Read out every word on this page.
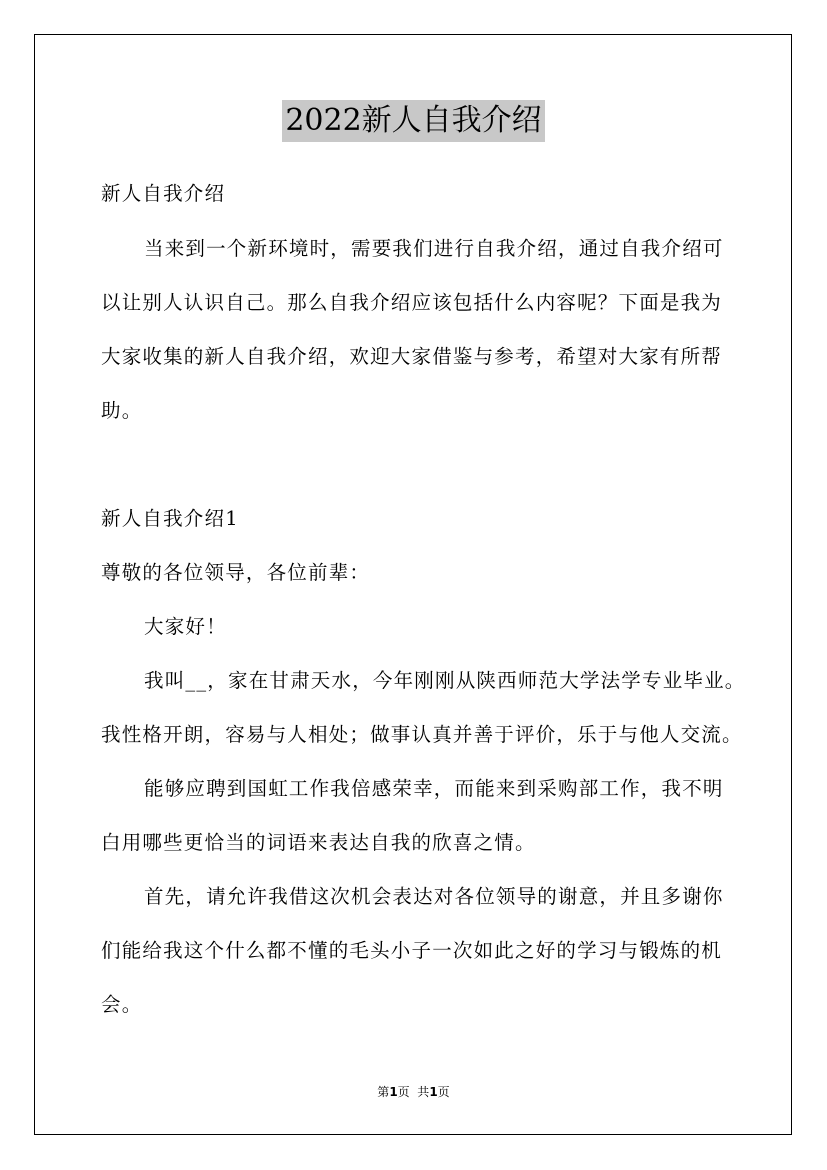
2022新人自我介绍
新人自我介绍
当来到一个新环境时，需要我们进行自我介绍，通过自我介绍可
以让别人认识自己。那么自我介绍应该包括什么内容呢？下面是我为
大家收集的新人自我介绍，欢迎大家借鉴与参考，希望对大家有所帮
助。
新人自我介绍1
尊敬的各位领导，各位前辈：
大家好！
我叫__，家在甘肃天水，今年刚刚从陕西师范大学法学专业毕业。
我性格开朗，容易与人相处；做事认真并善于评价，乐于与他人交流。
能够应聘到国虹工作我倍感荣幸，而能来到采购部工作，我不明
白用哪些更恰当的词语来表达自我的欣喜之情。
首先，请允许我借这次机会表达对各位领导的谢意，并且多谢你
们能给我这个什么都不懂的毛头小子一次如此之好的学习与锻炼的机
会。
第1页  共1页
